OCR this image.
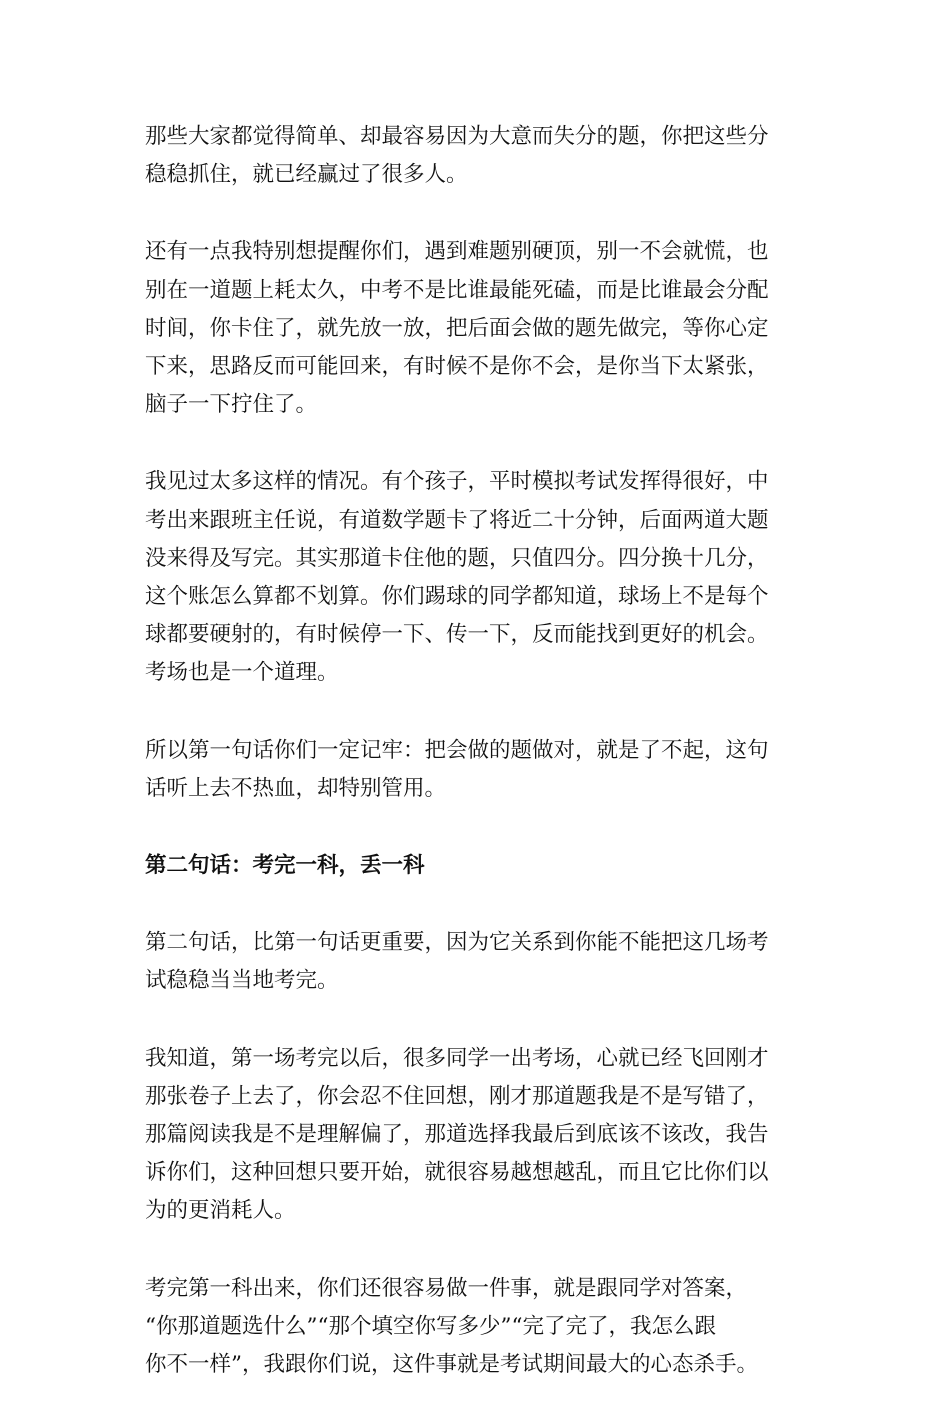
那些大家都觉得简单、却最容易因为大意而失分的题，你把这些分
稳稳抓住，就已经赢过了很多人。

还有一点我特别想提醒你们，遇到难题别硬顶，别一不会就慌，也
别在一道题上耗太久，中考不是比谁最能死磕，而是比谁最会分配
时间，你卡住了，就先放一放，把后面会做的题先做完，等你心定
下来，思路反而可能回来，有时候不是你不会，是你当下太紧张，
脑子一下拧住了。

我见过太多这样的情况。有个孩子，平时模拟考试发挥得很好，中
考出来跟班主任说，有道数学题卡了将近二十分钟，后面两道大题
没来得及写完。其实那道卡住他的题，只值四分。四分换十几分，
这个账怎么算都不划算。你们踢球的同学都知道，球场上不是每个
球都要硬射的，有时候停一下、传一下，反而能找到更好的机会。
考场也是一个道理。

所以第一句话你们一定记牢：把会做的题做对，就是了不起，这句
话听上去不热血，却特别管用。

第二句话：考完一科，丢一科

第二句话，比第一句话更重要，因为它关系到你能不能把这几场考
试稳稳当当地考完。

我知道，第一场考完以后，很多同学一出考场，心就已经飞回刚才
那张卷子上去了，你会忍不住回想，刚才那道题我是不是写错了，
那篇阅读我是不是理解偏了，那道选择我最后到底该不该改，我告
诉你们，这种回想只要开始，就很容易越想越乱，而且它比你们以
为的更消耗人。

考完第一科出来，你们还很容易做一件事，就是跟同学对答案，
“你那道题选什么”“那个填空你写多少”“完了完了，我怎么跟
你不一样”，我跟你们说，这件事就是考试期间最大的心态杀手。
